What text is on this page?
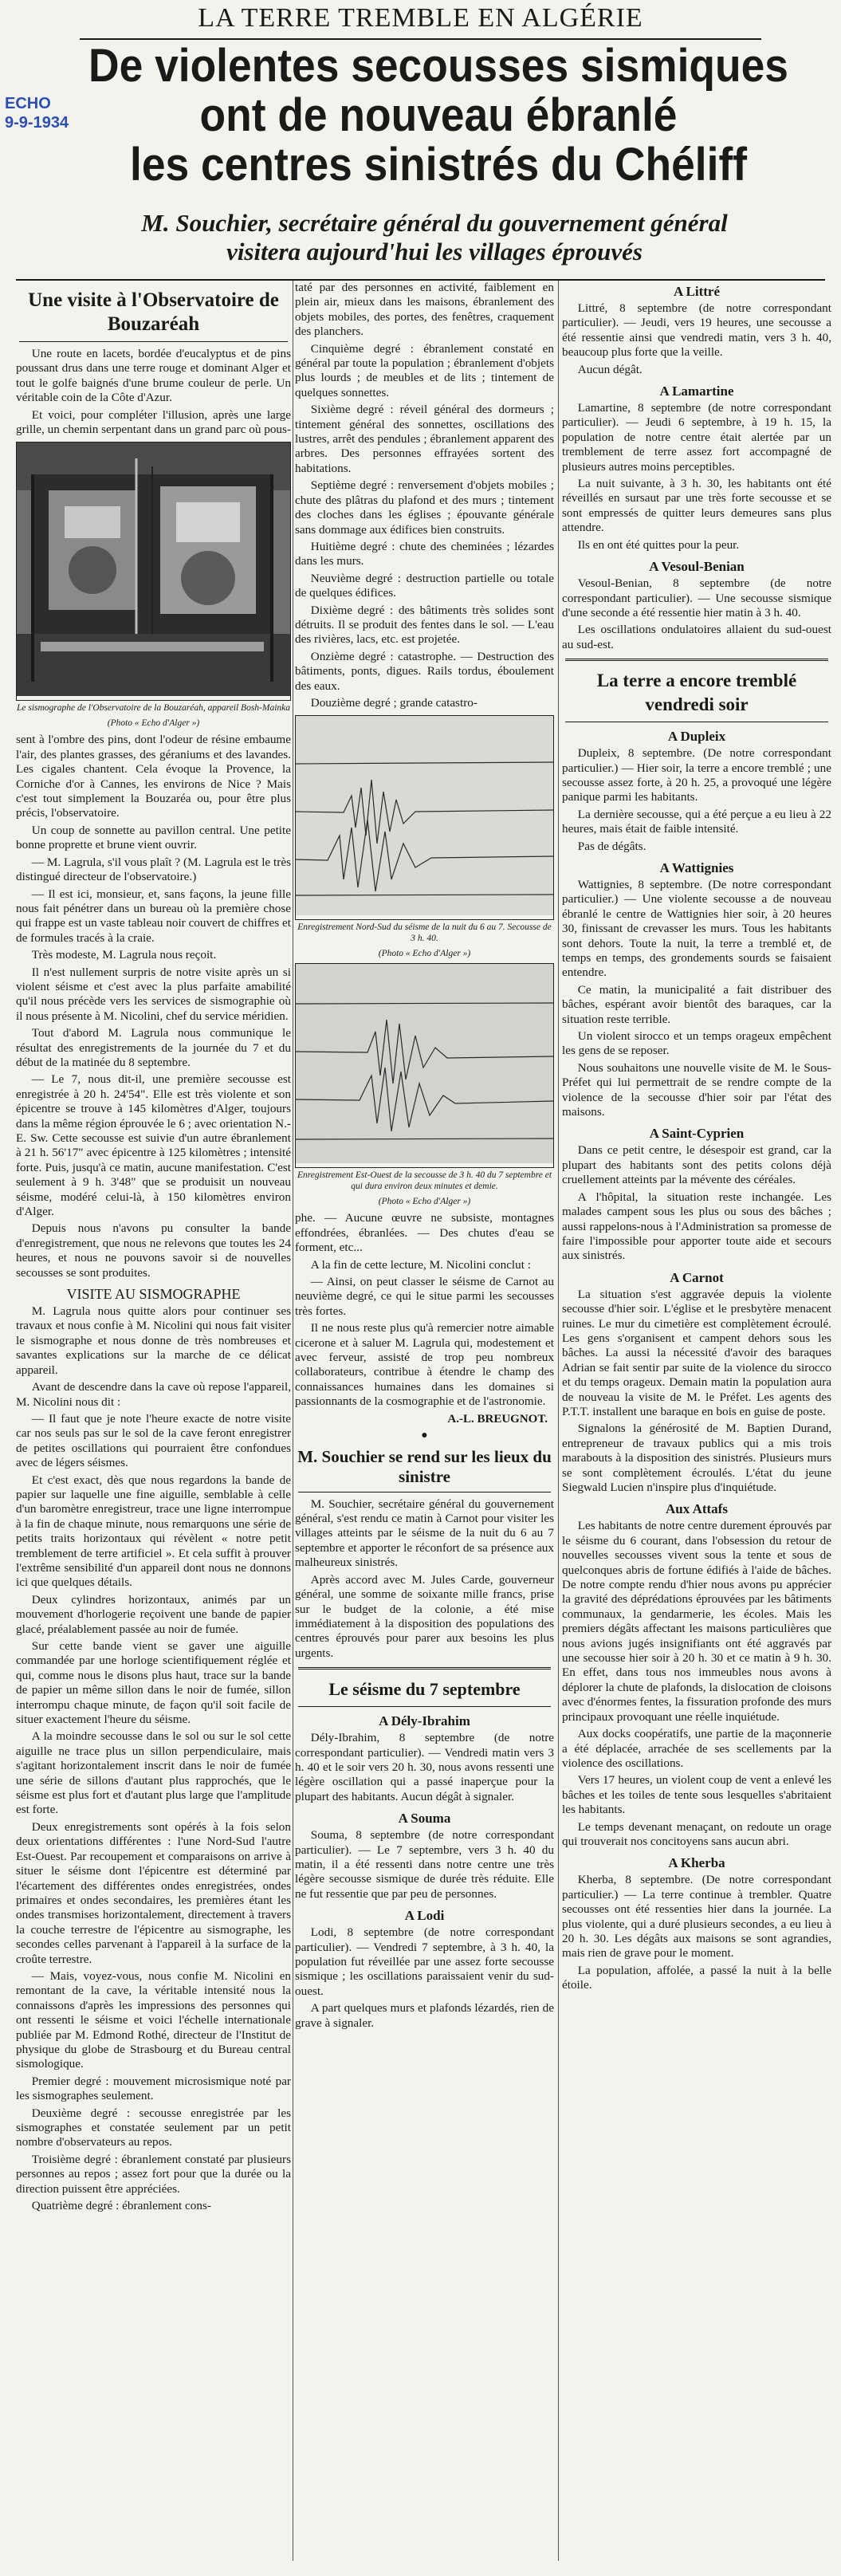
LA TERRE TREMBLE EN ALGÉRIE
ECHO
9-9-1934
De violentes secousses sismiques
ont de nouveau ébranlé
les centres sinistrés du Chéliff
M. Souchier, secrétaire général du gouvernement général
visitera aujourd'hui les villages éprouvés
Une visite à l'Observatoire de Bouzaréah

Une route en lacets, bordée d'eucalyptus et de pins poussant drus dans une terre rouge et dominant Alger et tout le golfe baignés d'une brume couleur de perle. Un véritable coin de la Côte d'Azur.

Et voici, pour compléter l'illusion, après une large grille, un chemin serpentant dans un grand parc où pous-

Le sismographe de l'Observatoire de la Bouzaréah, appareil Bosh-Mainka
(Photo « Echo d'Alger »)

sent à l'ombre des pins, dont l'odeur de résine embaume l'air, des plantes grasses, des géraniums et des lavandes. Les cigales chantent. Cela évoque la Provence, la Corniche d'or à Cannes, les environs de Nice ? Mais c'est tout simplement la Bouzaréa ou, pour être plus précis, l'observatoire.

Un coup de sonnette au pavillon central. Une petite bonne proprette et brune vient ouvrir.

— M. Lagrula, s'il vous plaît ? (M. Lagrula est le très distingué directeur de l'observatoire.)

— Il est ici, monsieur, et, sans façons, la jeune fille nous fait pénétrer dans un bureau où la première chose qui frappe est un vaste tableau noir couvert de chiffres et de formules tracés à la craie.

Très modeste, M. Lagrula nous reçoit.

Il n'est nullement surpris de notre visite après un si violent séisme et c'est avec la plus parfaite amabilité qu'il nous précède vers les services de sismographie où il nous présente à M. Nicolini, chef du service méridien.

Tout d'abord M. Lagrula nous communique le résultat des enregistrements de la journée du 7 et du début de la matinée du 8 septembre.

— Le 7, nous dit-il, une première secousse est enregistrée à 20 h. 24'54". Elle est très violente et son épicentre se trouve à 145 kilomètres d'Alger, toujours dans la même région éprouvée le 6 ; avec orientation N.-E. Sw. Cette secousse est suivie d'un autre ébranlement à 21 h. 56'17" avec épicentre à 125 kilomètres ; intensité forte. Puis, jusqu'à ce matin, aucune manifestation. C'est seulement à 9 h. 3'48" que se produisit un nouveau séisme, modéré celui-là, à 150 kilomètres environ d'Alger.

Depuis nous n'avons pu consulter la bande d'enregistrement, que nous ne relevons que toutes les 24 heures, et nous ne pouvons savoir si de nouvelles secousses se sont produites.

VISITE AU SISMOGRAPHE

M. Lagrula nous quitte alors pour continuer ses travaux et nous confie à M. Nicolini qui nous fait visiter le sismographe et nous donne de très nombreuses et savantes explications sur la marche de ce délicat appareil.

Avant de descendre dans la cave où repose l'appareil, M. Nicolini nous dit :

— Il faut que je note l'heure exacte de notre visite car nos seuls pas sur le sol de la cave feront enregistrer de petites oscillations qui pourraient être confondues avec de légers séismes.

Et c'est exact, dès que nous regardons la bande de papier sur laquelle une fine aiguille, semblable à celle d'un baromètre enregistreur, trace une ligne interrompue à la fin de chaque minute, nous remarquons une série de petits traits horizontaux qui révèlent « notre petit tremblement de terre artificiel ». Et cela suffit à prouver l'extrême sensibilité d'un appareil dont nous ne donnons ici que quelques détails.

Deux cylindres horizontaux, animés par un mouvement d'horlogerie reçoivent une bande de papier glacé, préalablement passée au noir de fumée.

Sur cette bande vient se gaver une aiguille commandée par une horloge scientifiquement réglée et qui, comme nous le disons plus haut, trace sur la bande de papier un même sillon dans le noir de fumée, sillon interrompu chaque minute, de façon qu'il soit facile de situer exactement l'heure du séisme.

A la moindre secousse dans le sol ou sur le sol cette aiguille ne trace plus un sillon perpendiculaire, mais s'agitant horizontalement inscrit dans le noir de fumée une série de sillons d'autant plus rapprochés, que le séisme est plus fort et d'autant plus large que l'amplitude est forte.

Deux enregistrements sont opérés à la fois selon deux orientations différentes : l'une Nord-Sud l'autre Est-Ouest. Par recoupement et comparaisons on arrive à situer le séisme dont l'épicentre est déterminé par l'écartement des différentes ondes enregistrées, ondes primaires et ondes secondaires, les premières étant les ondes transmises horizontalement, directement à travers la couche terrestre de l'épicentre au sismographe, les secondes celles parvenant à l'appareil à la surface de la croûte terrestre.

— Mais, voyez-vous, nous confie M. Nicolini en remontant de la cave, la véritable intensité nous la connaissons d'après les impressions des personnes qui ont ressenti le séisme et voici l'échelle internationale publiée par M. Edmond Rothé, directeur de l'Institut de physique du globe de Strasbourg et du Bureau central sismologique.

Premier degré : mouvement microsismique noté par les sismographes seulement.

Deuxième degré : secousse enregistrée par les sismographes et constatée seulement par un petit nombre d'observateurs au repos.

Troisième degré : ébranlement constaté par plusieurs personnes au repos ; assez fort pour que la durée ou la direction puissent être appréciées.

Quatrième degré : ébranlement cons-

taté par des personnes en activité, faiblement en plein air, mieux dans les maisons, ébranlement des objets mobiles, des portes, des fenêtres, craquement des planchers.

Cinquième degré : ébranlement constaté en général par toute la population ; ébranlement d'objets plus lourds ; de meubles et de lits ; tintement de quelques sonnettes.

Sixième degré : réveil général des dormeurs ; tintement général des sonnettes, oscillations des lustres, arrêt des pendules ; ébranlement apparent des arbres. Des personnes effrayées sortent des habitations.

Septième degré : renversement d'objets mobiles ; chute des plâtras du plafond et des murs ; tintement des cloches dans les églises ; épouvante générale sans dommage aux édifices bien construits.

Huitième degré : chute des cheminées ; lézardes dans les murs.

Neuvième degré : destruction partielle ou totale de quelques édifices.

Dixième degré : des bâtiments très solides sont détruits. Il se produit des fentes dans le sol. — L'eau des rivières, lacs, etc. est projetée.

Onzième degré : catastrophe. — Destruction des bâtiments, ponts, digues. Rails tordus, éboulement des eaux.

Douzième degré ; grande catastro-

Enregistrement Nord-Sud du séisme de la nuit du 6 au 7. Secousse de 3 h. 40.
(Photo « Echo d'Alger »)
Enregistrement Est-Ouest de la secousse de 3 h. 40 du 7 septembre et qui dura environ deux minutes et demie.
(Photo « Echo d'Alger »)

phe. — Aucune œuvre ne subsiste, montagnes effondrées, ébranlées. — Des chutes d'eau se forment, etc...

A la fin de cette lecture, M. Nicolini conclut :

— Ainsi, on peut classer le séisme de Carnot au neuvième degré, ce qui le situe parmi les secousses très fortes.

Il ne nous reste plus qu'à remercier notre aimable cicerone et à saluer M. Lagrula qui, modestement et avec ferveur, assisté de trop peu nombreux collaborateurs, contribue à étendre le champ des connaissances humaines dans les domaines si passionnants de la cosmographie et de l'astronomie.

A.-L. BREUGNOT.
●
M. Souchier se rend sur les lieux du sinistre

M. Souchier, secrétaire général du gouvernement général, s'est rendu ce matin à Carnot pour visiter les villages atteints par le séisme de la nuit du 6 au 7 septembre et apporter le réconfort de sa présence aux malheureux sinistrés.

Après accord avec M. Jules Carde, gouverneur général, une somme de soixante mille francs, prise sur le budget de la colonie, a été mise immédiatement à la disposition des populations des centres éprouvés pour parer aux besoins les plus urgents.

Le séisme du 7 septembre
A Dély-Ibrahim

Dély-Ibrahim, 8 septembre (de notre correspondant particulier). — Vendredi matin vers 3 h. 40 et le soir vers 20 h. 30, nous avons ressenti une légère oscillation qui a passé inaperçue pour la plupart des habitants. Aucun dégât à signaler.

A Souma

Souma, 8 septembre (de notre correspondant particulier). — Le 7 septembre, vers 3 h. 40 du matin, il a été ressenti dans notre centre une très légère secousse sismique de durée très réduite. Elle ne fut ressentie que par peu de personnes.

A Lodi

Lodi, 8 septembre (de notre correspondant particulier). — Vendredi 7 septembre, à 3 h. 40, la population fut réveillée par une assez forte secousse sismique ; les oscillations paraissaient venir du sud-ouest.

A part quelques murs et plafonds lézardés, rien de grave à signaler.

A Littré

Littré, 8 septembre (de notre correspondant particulier). — Jeudi, vers 19 heures, une secousse a été ressentie ainsi que vendredi matin, vers 3 h. 40, beaucoup plus forte que la veille.

Aucun dégât.

A Lamartine

Lamartine, 8 septembre (de notre correspondant particulier). — Jeudi 6 septembre, à 19 h. 15, la population de notre centre était alertée par un tremblement de terre assez fort accompagné de plusieurs autres moins perceptibles.

La nuit suivante, à 3 h. 30, les habitants ont été réveillés en sursaut par une très forte secousse et se sont empressés de quitter leurs demeures sans plus attendre.

Ils en ont été quittes pour la peur.

A Vesoul-Benian

Vesoul-Benian, 8 septembre (de notre correspondant particulier). — Une secousse sismique d'une seconde a été ressentie hier matin à 3 h. 40.

Les oscillations ondulatoires allaient du sud-ouest au sud-est.

La terre a encore tremblé vendredi soir
A Dupleix

Dupleix, 8 septembre. (De notre correspondant particulier.) — Hier soir, la terre a encore tremblé ; une secousse assez forte, à 20 h. 25, a provoqué une légère panique parmi les habitants.

La dernière secousse, qui a été perçue a eu lieu à 22 heures, mais était de faible intensité.

Pas de dégâts.

A Wattignies

Wattignies, 8 septembre. (De notre correspondant particulier.) — Une violente secousse a de nouveau ébranlé le centre de Wattignies hier soir, à 20 heures 30, finissant de crevasser les murs. Tous les habitants sont dehors. Toute la nuit, la terre a tremblé et, de temps en temps, des grondements sourds se faisaient entendre.

Ce matin, la municipalité a fait distribuer des bâches, espérant avoir bientôt des baraques, car la situation reste terrible.

Un violent sirocco et un temps orageux empêchent les gens de se reposer.

Nous souhaitons une nouvelle visite de M. le Sous-Préfet qui lui permettrait de se rendre compte de la violence de la secousse d'hier soir par l'état des maisons.

A Saint-Cyprien

Dans ce petit centre, le désespoir est grand, car la plupart des habitants sont des petits colons déjà cruellement atteints par la mévente des céréales.

A l'hôpital, la situation reste inchangée. Les malades campent sous les plus ou sous des bâches ; aussi rappelons-nous à l'Administration sa promesse de faire l'impossible pour apporter toute aide et secours aux sinistrés.

A Carnot

La situation s'est aggravée depuis la violente secousse d'hier soir. L'église et le presbytère menacent ruines. Le mur du cimetière est complètement écroulé. Les gens s'organisent et campent dehors sous les bâches. La aussi la nécessité d'avoir des baraques Adrian se fait sentir par suite de la violence du sirocco et du temps orageux. Demain matin la population aura de nouveau la visite de M. le Préfet. Les agents des P.T.T. installent une baraque en bois en guise de poste.

Signalons la générosité de M. Baptien Durand, entrepreneur de travaux publics qui a mis trois marabouts à la disposition des sinistrés. Plusieurs murs se sont complètement écroulés. L'état du jeune Siegwald Lucien n'inspire plus d'inquiétude.

Aux Attafs

Les habitants de notre centre durement éprouvés par le séisme du 6 courant, dans l'obsession du retour de nouvelles secousses vivent sous la tente et sous de quelconques abris de fortune édifiés à l'aide de bâches. De notre compte rendu d'hier nous avons pu apprécier la gravité des déprédations éprouvées par les bâtiments communaux, la gendarmerie, les écoles. Mais les premiers dégâts affectant les maisons particulières que nous avions jugés insignifiants ont été aggravés par une secousse hier soir à 20 h. 30 et ce matin à 9 h. 30. En effet, dans tous nos immeubles nous avons à déplorer la chute de plafonds, la dislocation de cloisons avec d'énormes fentes, la fissuration profonde des murs principaux provoquant une réelle inquiétude.

Aux docks coopératifs, une partie de la maçonnerie a été déplacée, arrachée de ses scellements par la violence des oscillations.

Vers 17 heures, un violent coup de vent a enlevé les bâches et les toiles de tente sous lesquelles s'abritaient les habitants.

Le temps devenant menaçant, on redoute un orage qui trouverait nos concitoyens sans aucun abri.

A Kherba

Kherba, 8 septembre. (De notre correspondant particulier.) — La terre continue à trembler. Quatre secousses ont été ressenties hier dans la journée. La plus violente, qui a duré plusieurs secondes, a eu lieu à 20 h. 30. Les dégâts aux maisons se sont agrandies, mais rien de grave pour le moment.

La population, affolée, a passé la nuit à la belle étoile.
